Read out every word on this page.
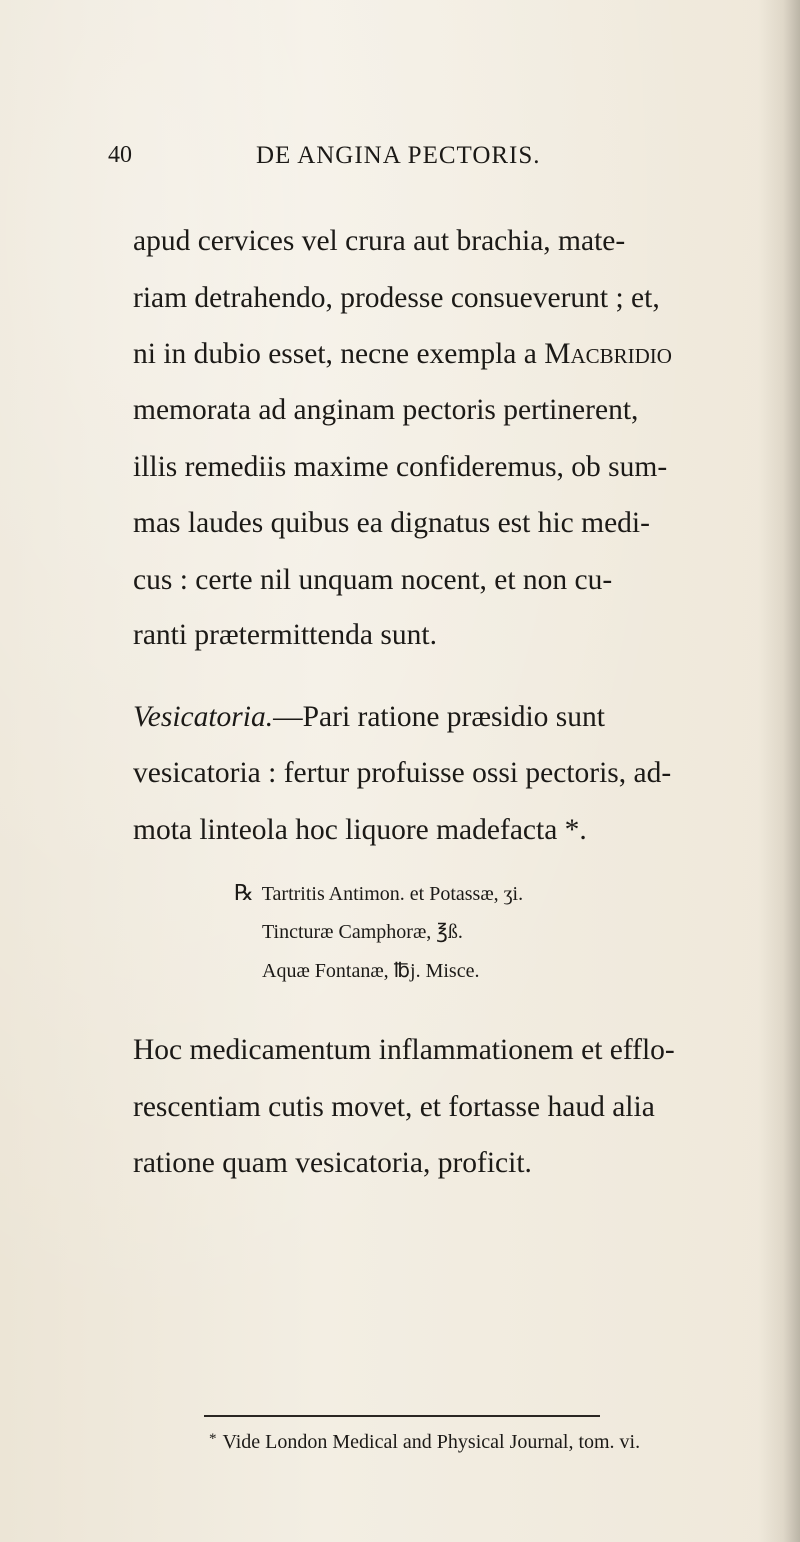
40	DE ANGINA PECTORIS.
apud cervices vel crura aut brachia, mate-
riam detrahendo, prodesse consueverunt ; et,
ni in dubio esset, necne exempla a Macbridio
memorata ad anginam pectoris pertinerent,
illis remediis maxime confideremus, ob sum-
mas laudes quibus ea dignatus est hic medi-
cus : certe nil unquam nocent, et non cu-
ranti prætermittenda sunt.
Vesicatoria.—Pari ratione præsidio sunt
vesicatoria : fertur profuisse ossi pectoris, ad-
mota linteola hoc liquore madefacta *.
℞ Tartritis Antimon. et Potassæ, ʒi.
Tincturæ Camphoræ, ℥ß.
Aquæ Fontanæ, ℔j. Misce.
Hoc medicamentum inflammationem et efflo-
rescentiam cutis movet, et fortasse haud alia
ratione quam vesicatoria, proficit.
* Vide London Medical and Physical Journal, tom. vi.
